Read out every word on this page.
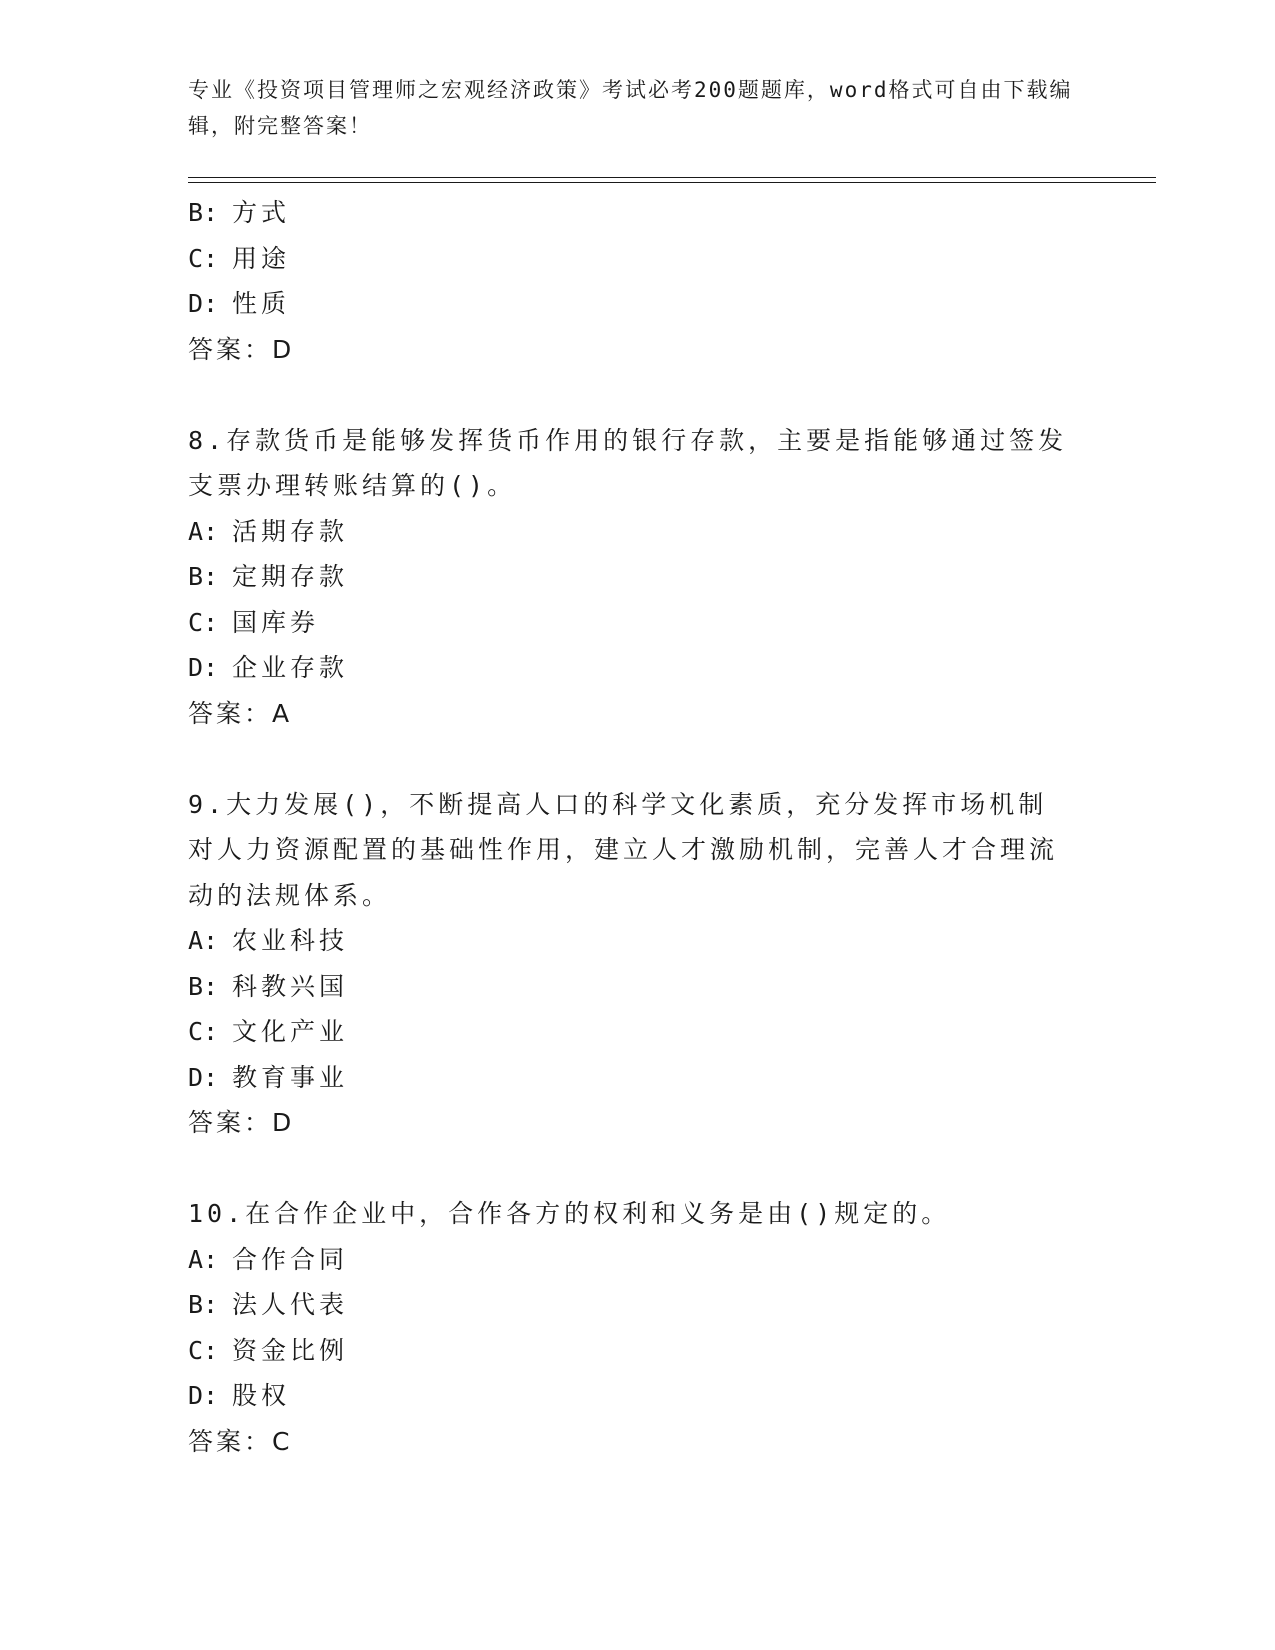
专业《投资项目管理师之宏观经济政策》考试必考200题题库，word格式可自由下载编辑，附完整答案！
B: 方式
C: 用途
D: 性质
答案：D
8.存款货币是能够发挥货币作用的银行存款，主要是指能够通过签发支票办理转账结算的()。
A: 活期存款
B: 定期存款
C: 国库券
D: 企业存款
答案：A
9.大力发展()，不断提高人口的科学文化素质，充分发挥市场机制对人力资源配置的基础性作用，建立人才激励机制，完善人才合理流动的法规体系。
A: 农业科技
B: 科教兴国
C: 文化产业
D: 教育事业
答案：D
10.在合作企业中，合作各方的权利和义务是由()规定的。
A: 合作合同
B: 法人代表
C: 资金比例
D: 股权
答案：C
